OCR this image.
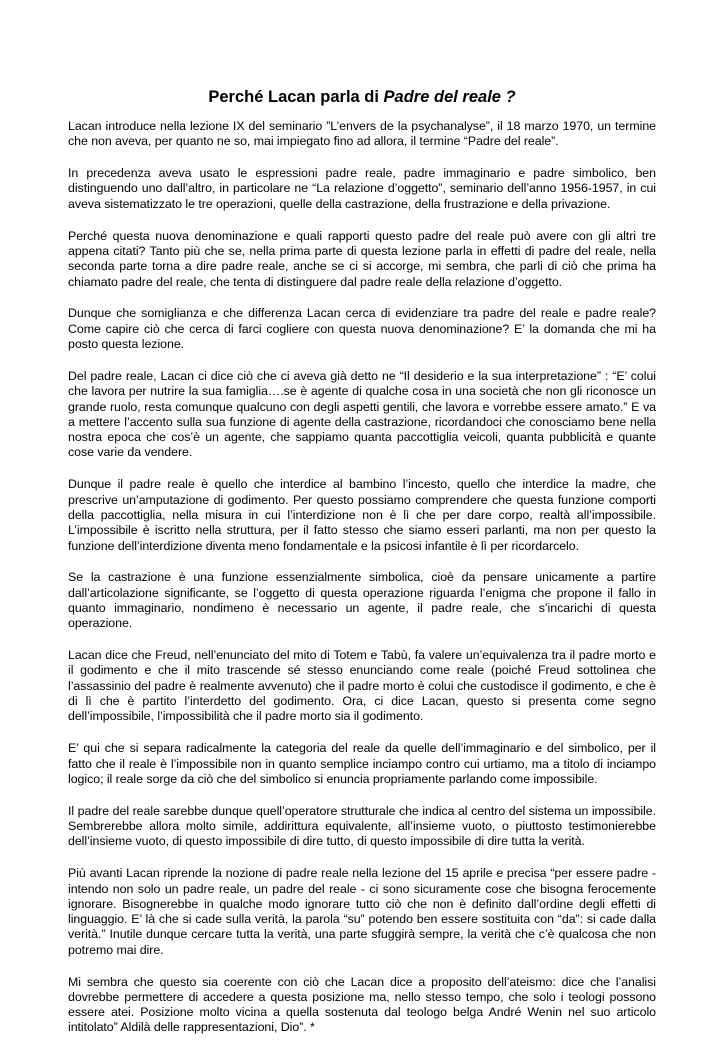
Perché Lacan parla di Padre del reale ?

Lacan introduce nella lezione IX del seminario ”L’envers de la psychanalyse”, il 18 marzo 1970, un termine che non aveva, per quanto ne so, mai impiegato fino ad allora, il termine “Padre del reale”.

In precedenza aveva usato le espressioni padre reale, padre immaginario e padre simbolico, ben distinguendo uno dall’altro, in particolare ne “La relazione d’oggetto”, seminario dell’anno 1956-1957, in cui aveva sistematizzato le tre operazioni, quelle della castrazione, della frustrazione e della privazione.

Perché questa nuova denominazione e quali rapporti questo padre del reale può avere con gli altri tre appena citati? Tanto più che se, nella prima parte di questa lezione parla in effetti di padre del reale, nella seconda parte torna a dire padre reale, anche se ci si accorge, mi sembra, che parli di ciò che prima ha chiamato padre del reale, che tenta di distinguere dal padre reale della relazione d’oggetto.

Dunque che somiglianza e che differenza Lacan cerca di evidenziare tra padre del reale e padre reale? Come capire ciò che cerca di farci cogliere con questa nuova denominazione? E’ la domanda che mi ha posto questa lezione.

Del padre reale, Lacan ci dice ciò che ci aveva già detto ne “Il desiderio e la sua interpretazione” : “E’ colui che lavora per nutrire la sua famiglia….se è agente di qualche cosa in una società che non gli riconosce un grande ruolo, resta comunque qualcuno con degli aspetti gentili, che lavora e vorrebbe essere amato.” E va a mettere l’accento sulla sua funzione di agente della castrazione, ricordandoci che conosciamo bene nella nostra epoca che cos’è un agente, che sappiamo quanta paccottiglia veicoli, quanta pubblicità e quante cose varie da vendere.

Dunque il padre reale è quello che interdice al bambino l’incesto, quello che interdice la madre, che prescrive un’amputazione di godimento. Per questo possiamo comprendere che questa funzione comporti della paccottiglia, nella misura in cui l’interdizione non è lì che per dare corpo, realtà all’impossibile. L’impossibile è iscritto nella struttura, per il fatto stesso che siamo esseri parlanti, ma non per questo la funzione dell’interdizione diventa meno fondamentale e la psicosi infantile è lì per ricordarcelo.

Se la castrazione è una funzione essenzialmente simbolica, cioè da pensare unicamente a partire dall’articolazione significante, se l’oggetto di questa operazione riguarda l’enigma che propone il fallo in quanto immaginario, nondimeno è necessario un agente, il padre reale, che s’incarichi di questa operazione.

Lacan dice che Freud, nell’enunciato del mito di Totem e Tabù, fa valere un’equivalenza tra il padre morto e il godimento e che il mito trascende sé stesso enunciando come reale (poiché Freud sottolinea che l’assassinio del padre è realmente avvenuto) che il padre morto è colui che custodisce il godimento, e che è di lì che è partito l’interdetto del godimento. Ora, ci dice Lacan, questo si presenta come segno dell’impossibile, l’impossibilità che il padre morto sia il godimento.

E’ qui che si separa radicalmente la categoria del reale da quelle dell’immaginario e del simbolico, per il fatto che il reale è l’impossibile non in quanto semplice inciampo contro cui urtiamo, ma a titolo di inciampo logico; il reale sorge da ciò che del simbolico si enuncia propriamente parlando come impossibile.

Il padre del reale sarebbe dunque quell’operatore strutturale che indica al centro del sistema un impossibile. Sembrerebbe allora molto simile, addirittura equivalente, all’insieme vuoto, o piuttosto testimonierebbe dell’insieme vuoto, di questo impossibile di dire tutto, di questo impossibile di dire tutta la verità.

Più avanti Lacan riprende la nozione di padre reale nella lezione del 15 aprile e precisa “per essere padre - intendo non solo un padre reale, un padre del reale - ci sono sicuramente cose che bisogna ferocemente ignorare. Bisognerebbe in qualche modo ignorare tutto ciò che non è definito dall’ordine degli effetti di linguaggio. E’ là che si cade sulla verità, la parola “su” potendo ben essere sostituita con “da”: si cade dalla verità.” Inutile dunque cercare tutta la verità, una parte sfuggirà sempre, la verità che c’è qualcosa che non potremo mai dire.

Mi sembra che questo sia coerente con ciò che Lacan dice a proposito dell’ateismo: dice che l’analisi dovrebbe permettere di accedere a questa posizione ma, nello stesso tempo, che solo i teologi possono essere atei. Posizione molto vicina a quella sostenuta dal teologo belga André Wenin nel suo articolo intitolato” Aldilà delle rappresentazioni, Dio”. *
